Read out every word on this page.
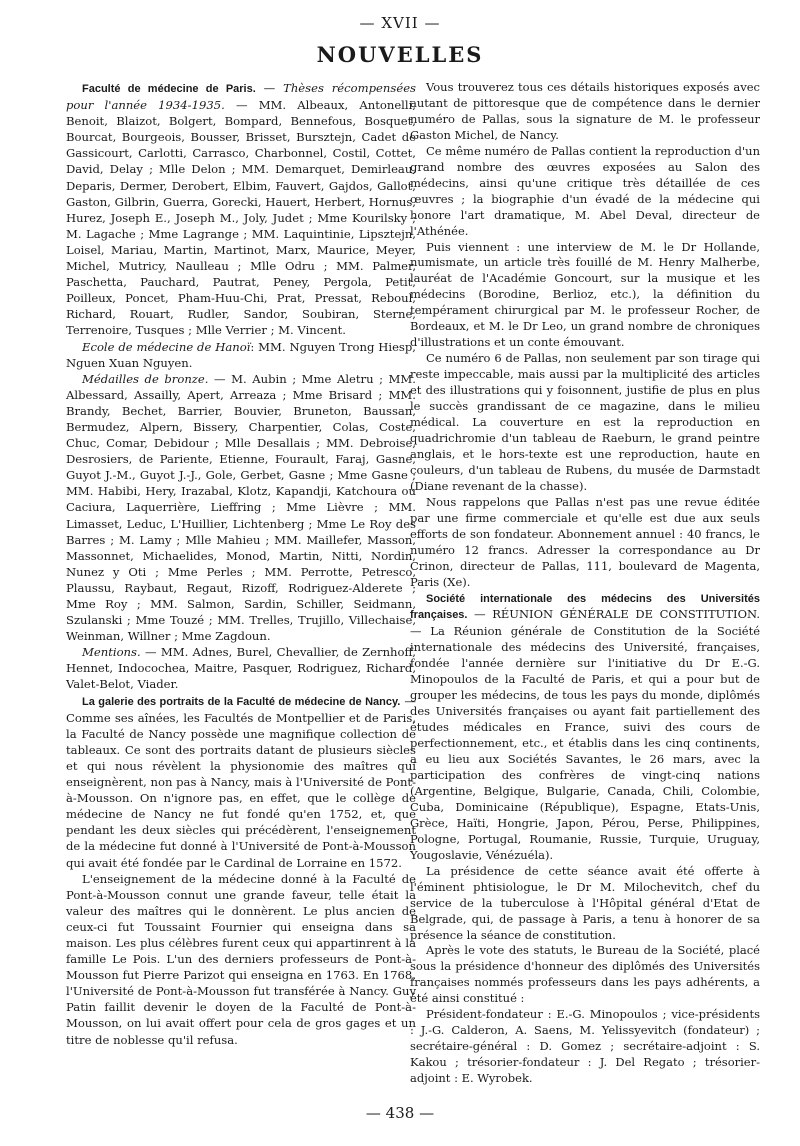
— XVII —
NOUVELLES

Faculté de médecine de Paris. — Thèses récompensées pour l'année 1934-1935. — MM. Albeaux, Antonelli, Benoit, Blaizot, Bolgert, Bompard, Bennefous, Bosquet, Bourcat, Bourgeois, Bousser, Brisset, Bursztejn, Cadet de Gassicourt, Carlotti, Carrasco, Charbonnel, Costil, Cottet, David, Delay ; Mlle Delon ; MM. Demarquet, Demirleau, Deparis, Dermer, Derobert, Elbim, Fauvert, Gajdos, Gallot, Gaston, Gilbrin, Guerra, Gorecki, Hauert, Herbert, Hornus, Hurez, Joseph E., Joseph M., Joly, Judet ; Mme Kourilsky ; M. Lagache ; Mme Lagrange ; MM. Laquintinie, Lipsztejn, Loisel, Mariau, Martin, Martinot, Marx, Maurice, Meyer, Michel, Mutricy, Naulleau ; Mlle Odru ; MM. Palmer, Paschetta, Pauchard, Pautrat, Peney, Pergola, Petit, Poilleux, Poncet, Pham-Huu-Chi, Prat, Pressat, Reboul, Richard, Rouart, Rudler, Sandor, Soubiran, Sterne, Terrenoire, Tusques ; Mlle Verrier ; M. Vincent.

Ecole de médecine de Hanoï: MM. Nguyen Trong Hiesp, Nguen Xuan Nguyen.

Médailles de bronze. — M. Aubin ; Mme Aletru ; MM. Albessard, Assailly, Apert, Arreaza ; Mme Brisard ; MM. Brandy, Bechet, Barrier, Bouvier, Bruneton, Baussan, Bermudez, Alpern, Bissery, Charpentier, Colas, Coste, Chuc, Comar, Debidour ; Mlle Desallais ; MM. Debroise, Desrosiers, de Pariente, Etienne, Fourault, Faraj, Gasne, Guyot J.-M., Guyot J.-J., Gole, Gerbet, Gasne ; Mme Gasne ; MM. Habibi, Hery, Irazabal, Klotz, Kapandji, Katchoura ou Caciura, Laquerrière, Lieffring ; Mme Lièvre ; MM. Limasset, Leduc, L'Huillier, Lichtenberg ; Mme Le Roy des Barres ; M. Lamy ; Mlle Mahieu ; MM. Maillefer, Masson, Massonnet, Michaelides, Monod, Martin, Nitti, Nordin, Nunez y Oti ; Mme Perles ; MM. Perrotte, Petresco, Plaussu, Raybaut, Regaut, Rizoff, Rodriguez-Alderete ; Mme Roy ; MM. Salmon, Sardin, Schiller, Seidmann, Szulanski ; Mme Touzé ; MM. Trelles, Trujillo, Villechaise, Weinman, Willner ; Mme Zagdoun.

Mentions. — MM. Adnes, Burel, Chevallier, de Zernhoff, Hennet, Indocochea, Maitre, Pasquer, Rodriguez, Richard, Valet-Belot, Viader.

La galerie des portraits de la Faculté de médecine de Nancy. — Comme ses aînées, les Facultés de Montpellier et de Paris, la Faculté de Nancy possède une magnifique collection de tableaux. Ce sont des portraits datant de plusieurs siècles et qui nous révèlent la physionomie des maîtres qui enseignèrent, non pas à Nancy, mais à l'Université de Pont-à-Mousson. On n'ignore pas, en effet, que le collège de médecine de Nancy ne fut fondé qu'en 1752, et, que pendant les deux siècles qui précédèrent, l'enseignement de la médecine fut donné à l'Université de Pont-à-Mousson qui avait été fondée par le Cardinal de Lorraine en 1572.

L'enseignement de la médecine donné à la Faculté de Pont-à-Mousson connut une grande faveur, telle était la valeur des maîtres qui le donnèrent. Le plus ancien de ceux-ci fut Toussaint Fournier qui enseigna dans sa maison. Les plus célèbres furent ceux qui appartinrent à la famille Le Pois. L'un des derniers professeurs de Pont-à-Mousson fut Pierre Parizot qui enseigna en 1763. En 1768, l'Université de Pont-à-Mousson fut transférée à Nancy. Guy Patin faillit devenir le doyen de la Faculté de Pont-à-Mousson, on lui avait offert pour cela de gros gages et un titre de noblesse qu'il refusa.

Vous trouverez tous ces détails historiques exposés avec autant de pittoresque que de compétence dans le dernier numéro de Pallas, sous la signature de M. le professeur Gaston Michel, de Nancy.

Ce même numéro de Pallas contient la reproduction d'un grand nombre des œuvres exposées au Salon des médecins, ainsi qu'une critique très détaillée de ces œuvres ; la biographie d'un évadé de la médecine qui honore l'art dramatique, M. Abel Deval, directeur de l'Athénée.

Puis viennent : une interview de M. le Dr Hollande, numismate, un article très fouillé de M. Henry Malherbe, lauréat de l'Académie Goncourt, sur la musique et les médecins (Borodine, Berlioz, etc.), la définition du tempérament chirurgical par M. le professeur Rocher, de Bordeaux, et M. le Dr Leo, un grand nombre de chroniques d'illustrations et un conte émouvant.

Ce numéro 6 de Pallas, non seulement par son tirage qui reste impeccable, mais aussi par la multiplicité des articles et des illustrations qui y foisonnent, justifie de plus en plus le succès grandissant de ce magazine, dans le milieu médical. La couverture en est la reproduction en quadrichromie d'un tableau de Raeburn, le grand peintre anglais, et le hors-texte est une reproduction, haute en couleurs, d'un tableau de Rubens, du musée de Darmstadt (Diane revenant de la chasse).

Nous rappelons que Pallas n'est pas une revue éditée par une firme commerciale et qu'elle est due aux seuls efforts de son fondateur. Abonnement annuel : 40 francs, le numéro 12 francs. Adresser la correspondance au Dr Crinon, directeur de Pallas, 111, boulevard de Magenta, Paris (Xe).

Société internationale des médecins des Universités françaises. — RÉUNION GÉNÉRALE DE CONSTITUTION. — La Réunion générale de Constitution de la Société internationale des médecins des Université, françaises, fondée l'année dernière sur l'initiative du Dr E.-G. Minopoulos de la Faculté de Paris, et qui a pour but de grouper les médecins, de tous les pays du monde, diplômés des Universités françaises ou ayant fait partiellement des études médicales en France, suivi des cours de perfectionnement, etc., et établis dans les cinq continents, a eu lieu aux Sociétés Savantes, le 26 mars, avec la participation des confrères de vingt-cinq nations (Argentine, Belgique, Bulgarie, Canada, Chili, Colombie, Cuba, Dominicaine (République), Espagne, Etats-Unis, Grèce, Haïti, Hongrie, Japon, Pérou, Perse, Philippines, Pologne, Portugal, Roumanie, Russie, Turquie, Uruguay, Yougoslavie, Vénézuéla).

La présidence de cette séance avait été offerte à l'éminent phtisiologue, le Dr M. Milochevitch, chef du service de la tuberculose à l'Hôpital général d'Etat de Belgrade, qui, de passage à Paris, a tenu à honorer de sa présence la séance de constitution.

Après le vote des statuts, le Bureau de la Société, placé sous la présidence d'honneur des diplômés des Universités françaises nommés professeurs dans les pays adhérents, a été ainsi constitué :

Président-fondateur : E.-G. Minopoulos ; vice-présidents : J.-G. Calderon, A. Saens, M. Yelissyevitch (fondateur) ; secrétaire-général : D. Gomez ; secrétaire-adjoint : S. Kakou ; trésorier-fondateur : J. Del Regato ; trésorier-adjoint : E. Wyrobek.

— 438 —
